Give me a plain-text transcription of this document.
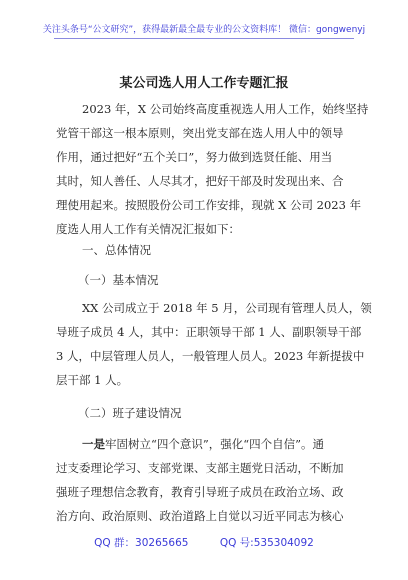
关注头条号“公文研究”，获得最新最全最专业的公文资料库！ 微信：gongwenyj
某公司选人用人工作专题汇报
2023 年，X 公司始终高度重视选人用人工作，始终坚持
党管干部这一根本原则，突出党支部在选人用人中的领导
作用，通过把好“五个关口”，努力做到选贤任能、用当
其时，知人善任、人尽其才，把好干部及时发现出来、合
理使用起来。按照股份公司工作安排，现就 X 公司 2023 年
度选人用人工作有关情况汇报如下：
一、总体情况
（一）基本情况
XX 公司成立于 2018 年 5 月，公司现有管理人员人，领
导班子成员 4 人，其中：正职领导干部 1 人、副职领导干部
3 人，中层管理人员人，一般管理人员人。2023 年新提拔中
层干部 1 人。
（二）班子建设情况
一是牢固树立“四个意识”，强化“四个自信”。通
过支委理论学习、支部党课、支部主题党日活动，不断加
强班子理想信念教育，教育引导班子成员在政治立场、政
治方向、政治原则、政治道路上自觉以习近平同志为核心
QQ 群：30265665	QQ 号:535304092
